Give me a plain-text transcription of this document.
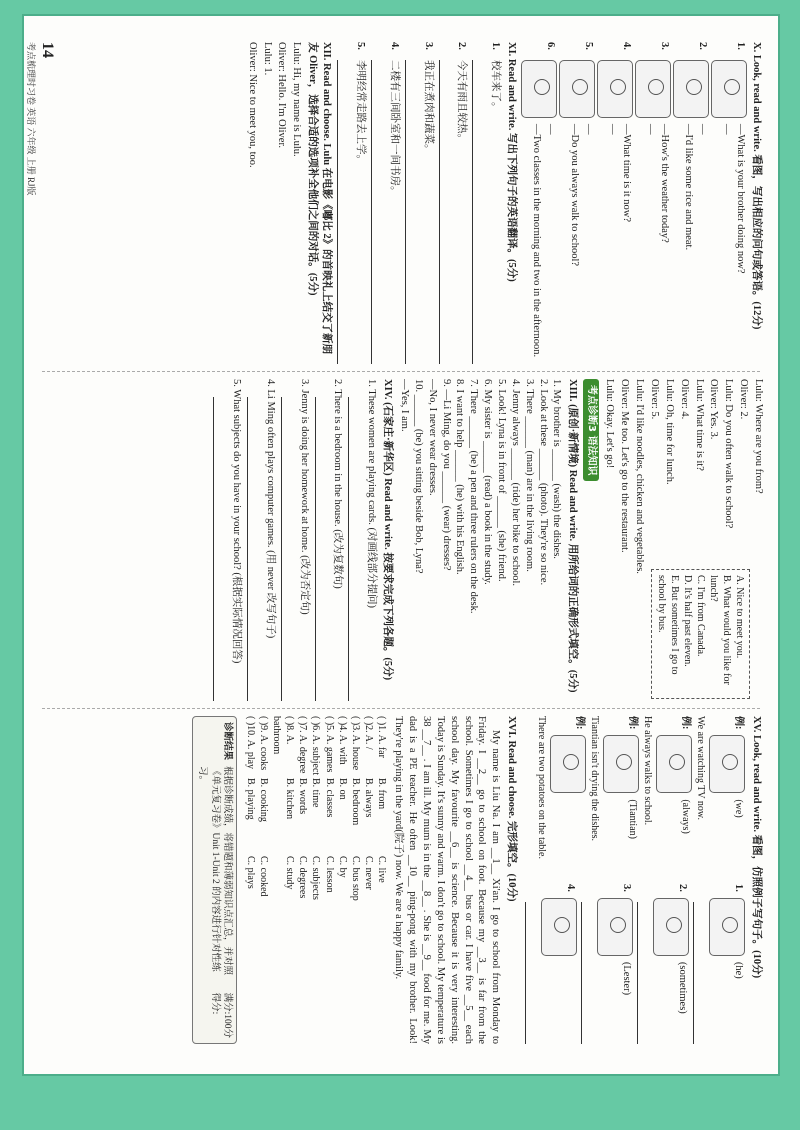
X. Look, read and write. 看图，写出相应的问句或答语。(12分)
1.
—What is your brother doing now?
—
2.
—
—I'd like some rice and meat.
3.
—How's the weather today?
—
4.
—What time is it now?
—
5.
—
—Do you always walk to school?
6.
—
—Two classes in the morning and two in the afternoon.
XI. Read and write. 写出下列句子的英语翻译。(5分)
1.
校车来了。
2.
今天有雨且较热。
3.
我正在煮肉和蔬菜。
4.
二楼有三间卧室和一间书房。
5.
李明经常走路去上学。
XII. Read and choose. Lulu 在电影《嘟比 2》的首映礼上结交了新朋友 Oliver，选择合适的选项补全他们之间的对话。(5分)
Lulu: Hi, my name is Lulu.
Oliver: Hello. I'm Oliver.
Lulu: 1.
Oliver: Nice to meet you, too.
14
考点梳理时习卷 英语 六年级 上册 RJ版
Lulu: Where are you from?
Oliver: 2.
Lulu: Do you often walk to school?
Oliver: Yes. 3.
Lulu: What time is it?
Oliver: 4.
Lulu: Oh, time for lunch.
Oliver: 5.
Lulu: I'd like noodles, chicken and vegetables.
Oliver: Me too. Let's go to the restaurant.
Lulu: Okay. Let's go!
A. Nice to meet you.
B. What would you like for lunch?
C. I'm from Canada.
D. It's half past eleven.
E. But sometimes I go to school by bus.
考点诊断3 语法知识
XIII. (原创·新情境) Read and write. 用所给词的正确形式填空。(5分)
1. My brother is ______ (wash) the dishes.
2. Look at these ______ (photo). They're so nice.
3. There ______ (man) are in the living room.
4. Jenny always ______ (ride) her bike to school.
5. Look! Lyna is in front of ______ (she) friend.
6. My sister is ______ (read) a book in the study.
7. There ______ (be) a pen and three rulers on the desk.
8. I want to help ______ (he) with his English.
9. —Li Ming, do you ______ (wear) dresses?
—No, I never wear dresses.
10. ______ (be) you sitting beside Bob, Lyna?
—Yes, I am.
XIV. (石家庄·新华区) Read and write. 按要求完成下列各题。(5分)
1. These women are playing cards. (对画线部分提问)
2. There is a bedroom in the house. (改为复数句)
3. Jenny is doing her homework at home. (改为否定句)
4. Li Ming often plays computer games. (用 never 改写句子)
5. What subjects do you have in your school? (根据实际情况回答)
XV. Look, read and write. 看图，仿照例子写句子。(10分)
例:
(we)
We are watching TV now.
例:
(always)
He always walks to school.
例:
(Tiantian)
Tiantian isn't drying the dishes.
例:
There are two potatoes on the table.
1.
(he)
2.
(sometimes)
3.
(Lester)
4.
XVI. Read and choose. 完形填空。(10分)
My name is Liu Na. I am __1__ Xi'an. I go to school from Monday to Friday. I __2__ go to school on foot. Because my __3__ is far from the school. Sometimes I go to school __4__ bus or car. I have five __5__ each school day. My favourite __6__ is science. Because it is very interesting. Today is Sunday. It's sunny and warm. I don't go to school. My temperature is 38 __7__ . I am ill. My mum is in the __8__ . She is __9__ food for me. My dad is a PE teacher. He often __10__ ping-pong with my brother. Look! They're playing in the yard(院子) now. We are a happy family.
( )1. A. far
B. from
C. live
( )2. A. /
B. always
C. never
( )3. A. house
B. bedroom
C. bus stop
( )4. A. with
B. on
C. by
( )5. A. games
B. classes
C. lesson
( )6. A. subject
B. time
C. subjects
( )7. A. degree
B. words
C. degrees
( )8. A. bathroom
B. kitchen
C. study
( )9. A. cooks
B. cooking
C. cooked
( )10. A. play
B. playing
C. plays
诊断结果
根据诊断成绩，将错题和薄弱知识点汇总，并对照《单元复习卷》Unit 1-Unit 2 的内容进行针对性练习。
满分:100分
得分:
